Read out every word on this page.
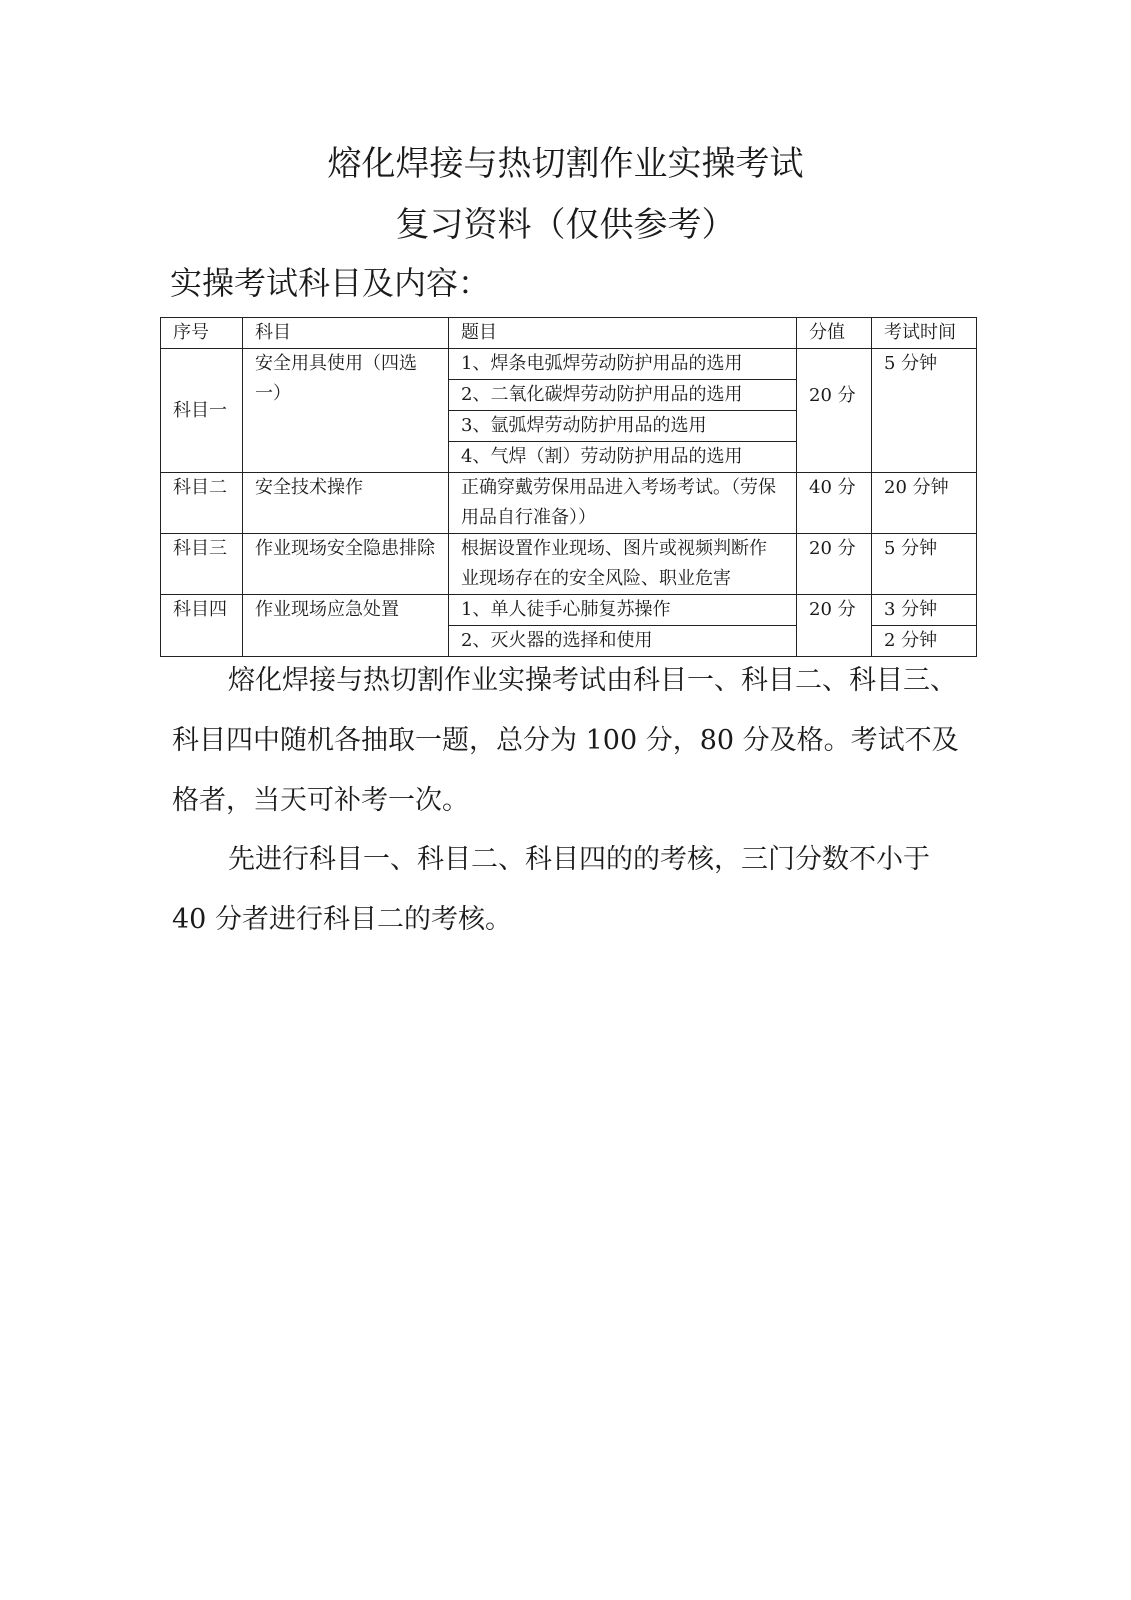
熔化焊接与热切割作业实操考试
复习资料（仅供参考）
实操考试科目及内容：
序号	科目	题目	分值	考试时间
科目一	安全用具使用（四选一）	1、焊条电弧焊劳动防护用品的选用	20 分	5 分钟
		2、二氧化碳焊劳动防护用品的选用		
		3、氩弧焊劳动防护用品的选用		
		4、气焊（割）劳动防护用品的选用		
科目二	安全技术操作	正确穿戴劳保用品进入考场考试。（劳保用品自行准备））	40 分	20 分钟
科目三	作业现场安全隐患排除	根据设置作业现场、图片或视频判断作业现场存在的安全风险、职业危害	20 分	5 分钟
科目四	作业现场应急处置	1、单人徒手心肺复苏操作	20 分	3 分钟
		2、灭火器的选择和使用		2 分钟

熔化焊接与热切割作业实操考试由科目一、科目二、科目三、科目四中随机各抽取一题，总分为 100 分，80 分及格。考试不及格者，当天可补考一次。

先进行科目一、科目二、科目四的的考核，三门分数不小于 40 分者进行科目二的考核。
